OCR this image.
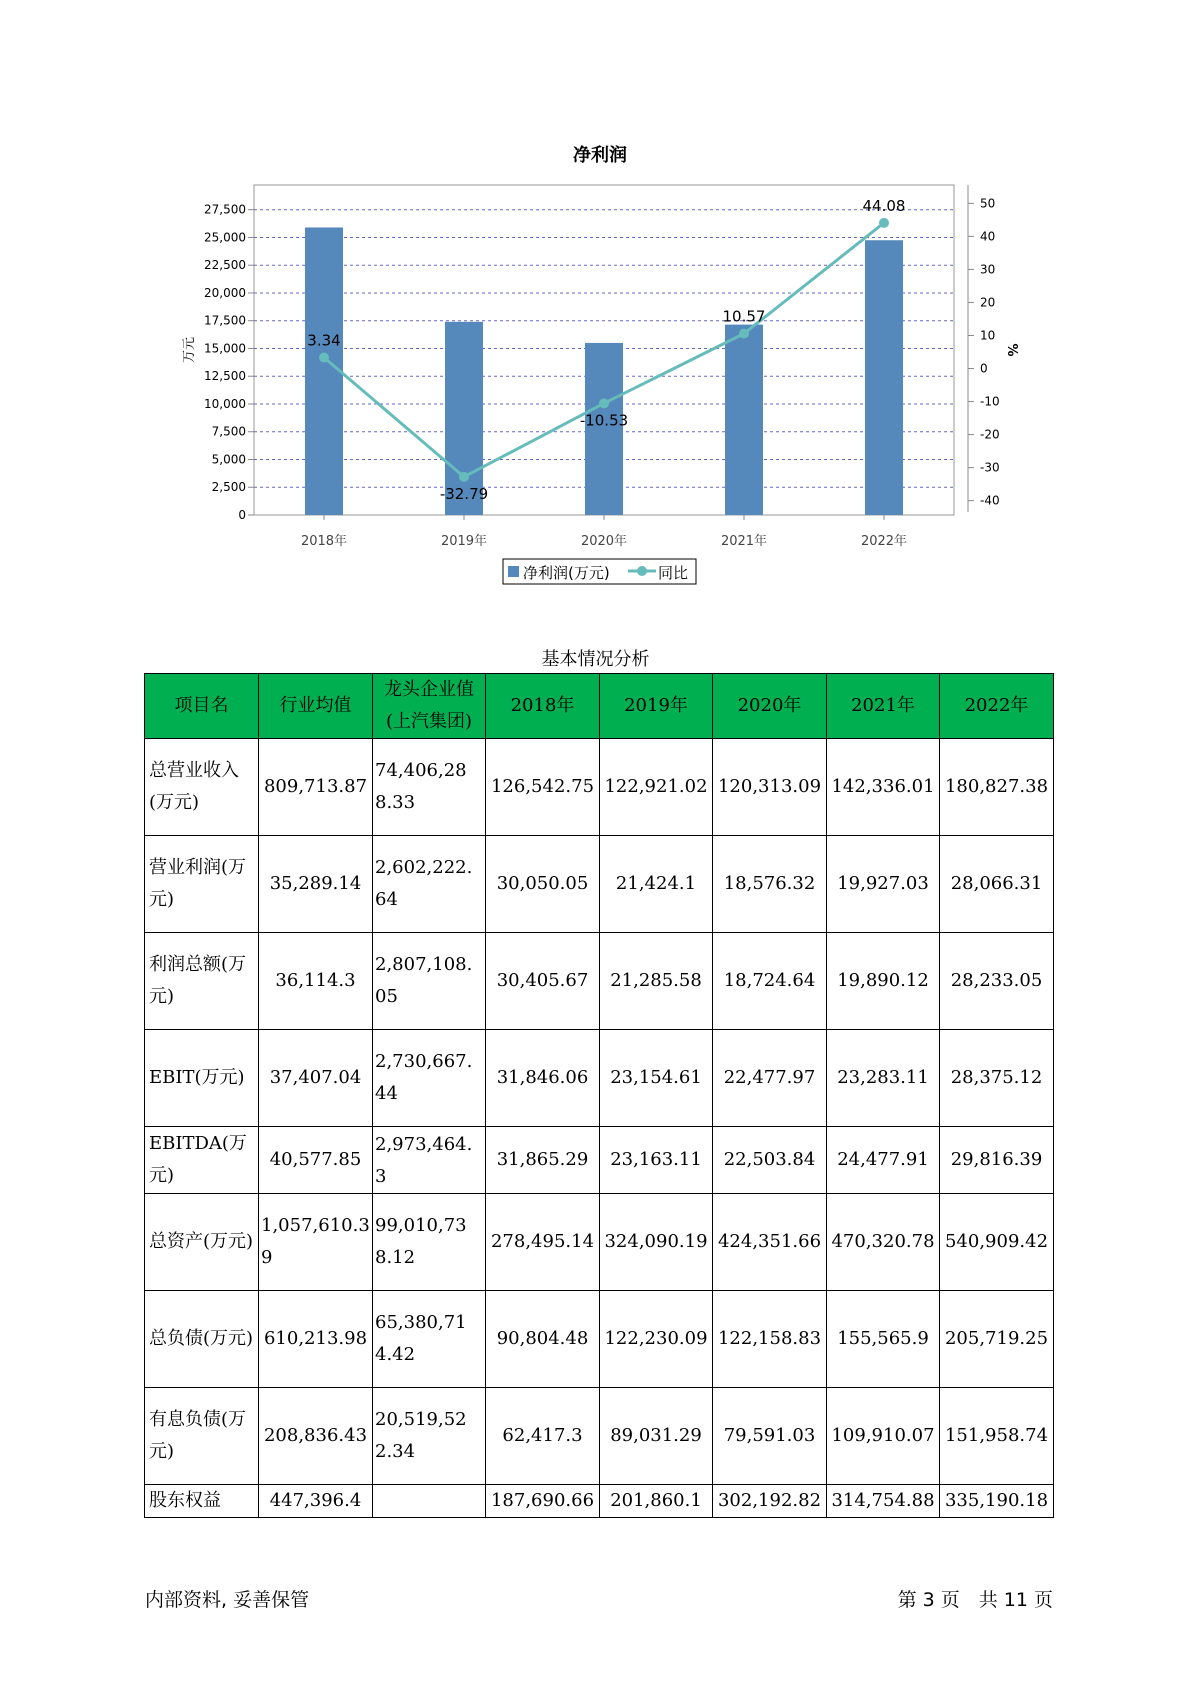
净利润
0
2,500
5,000
7,500
10,000
12,500
15,000
17,500
20,000
22,500
25,000
27,500
-40
-30
-20
-10
0
10
20
30
40
50
3.34
-32.79
-10.53
10.57
44.08
2018年	2019年	2020年	2021年	2022年
万元	%
净利润(万元)	同比
基本情况分析
项目名	行业均值	龙头企业值(上汽集团)	2018年	2019年	2020年	2021年	2022年
总营业收入(万元)	809,713.87	74,406,288.33	126,542.75	122,921.02	120,313.09	142,336.01	180,827.38
营业利润(万元)	35,289.14	2,602,222.64	30,050.05	21,424.1	18,576.32	19,927.03	28,066.31
利润总额(万元)	36,114.3	2,807,108.05	30,405.67	21,285.58	18,724.64	19,890.12	28,233.05
EBIT(万元)	37,407.04	2,730,667.44	31,846.06	23,154.61	22,477.97	23,283.11	28,375.12
EBITDA(万元)	40,577.85	2,973,464.3	31,865.29	23,163.11	22,503.84	24,477.91	29,816.39
总资产(万元)	1,057,610.39	99,010,738.12	278,495.14	324,090.19	424,351.66	470,320.78	540,909.42
总负债(万元)	610,213.98	65,380,714.42	90,804.48	122,230.09	122,158.83	155,565.9	205,719.25
有息负债(万元)	208,836.43	20,519,522.34	62,417.3	89,031.29	79,591.03	109,910.07	151,958.74
股东权益	447,396.4		187,690.66	201,860.1	302,192.82	314,754.88	335,190.18
内部资料, 妥善保管	第 3 页　共 11 页
